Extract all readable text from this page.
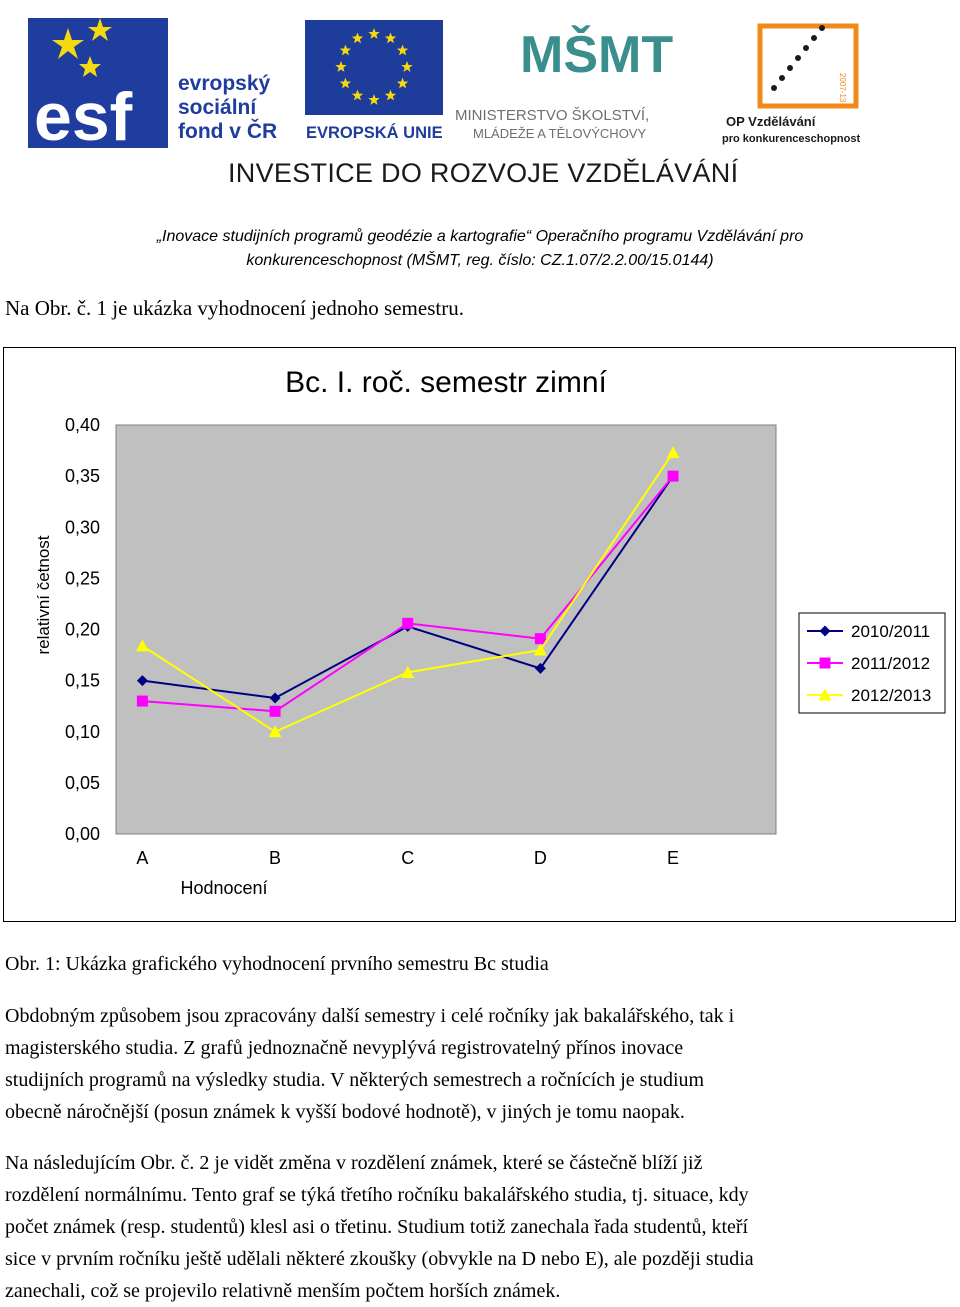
esf evropský
sociální
fond v ČR EVROPSKÁ UNIE
MŠMT
MINISTERSTVO ŠKOLSTVÍ,
MLÁDEŽE A TĚLOVÝCHOVY
2007-13
OP Vzdělávání
pro konkurenceschopnost
INVESTICE DO ROZVOJE VZDĚLÁVÁNÍ
„Inovace studijních programů geodézie a kartografie“ Operačního programu Vzdělávání pro
konkurenceschopnost (MŠMT, reg. číslo: CZ.1.07/2.2.00/15.0144)
Na Obr. č. 1 je ukázka vyhodnocení jednoho semestru.
Bc. I. roč. semestr zimní
relativní četnost
Hodnocení
0,00
0,05
0,10
0,15
0,20
0,25
0,30
0,35
0,40
A	B	C	D	E
2010/2011
2011/2012
2012/2013
Obr. 1: Ukázka grafického vyhodnocení prvního semestru Bc studia
Obdobným způsobem jsou zpracovány další semestry i celé ročníky jak bakalářského, tak i
magisterského studia. Z grafů jednoznačně nevyplývá registrovatelný přínos inovace
studijních programů na výsledky studia. V některých semestrech a ročnících je studium
obecně náročnější (posun známek k vyšší bodové hodnotě), v jiných je tomu naopak.
Na následujícím Obr. č. 2 je vidět změna v rozdělení známek, které se částečně blíží již
rozdělení normálnímu. Tento graf se týká třetího ročníku bakalářského studia, tj. situace, kdy
počet známek (resp. studentů) klesl asi o třetinu. Studium totiž zanechala řada studentů, kteří
sice v prvním ročníku ještě udělali některé zkoušky (obvykle na D nebo E), ale později studia
zanechali, což se projevilo relativně menším počtem horších známek.
